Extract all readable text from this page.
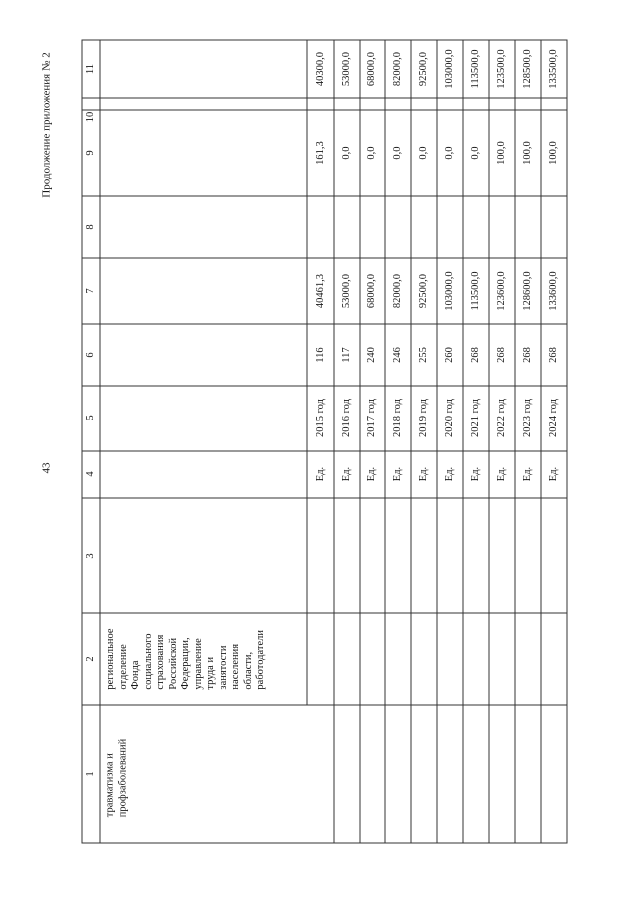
43
Продолжение приложения № 2
1
2
3
4
5
6
7
8
9
10
11
травматизма и
профзаболеваний
региональное
отделение
Фонда
социального
страхования
Российской
Федерации,
управление
труда и
занятости
населения
области,
работодатели
Ед.
2015 год
116
40461,3
161,3
40300,0
Ед.
2016 год
117
53000,0
0,0
53000,0
Ед.
2017 год
240
68000,0
0,0
68000,0
Ед.
2018 год
246
82000,0
0,0
82000,0
Ед.
2019 год
255
92500,0
0,0
92500,0
Ед.
2020 год
260
103000,0
0,0
103000,0
Ед.
2021 год
268
113500,0
0,0
113500,0
Ед.
2022 год
268
123600,0
100,0
123500,0
Ед.
2023 год
268
128600,0
100,0
128500,0
Ед.
2024 год
268
133600,0
100,0
133500,0
